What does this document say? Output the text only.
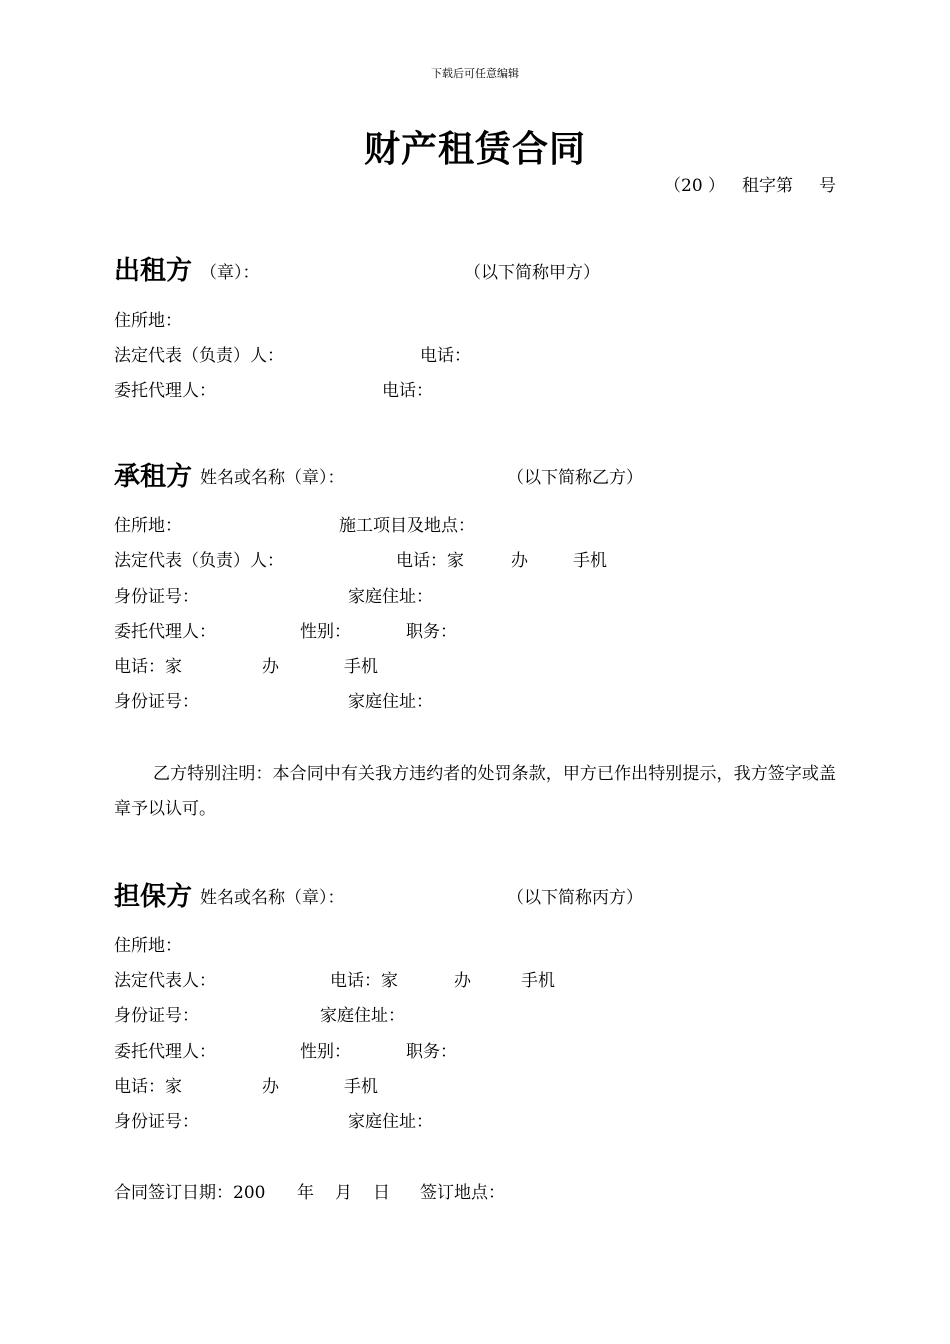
下载后可任意编辑
财产租赁合同
（20 ） 租字第 号
出租方 （章）：	（以下简称甲方）
住所地：
法定代表（负责）人：	电话：
委托代理人：	电话：
承租方 姓名或名称（章）：	（以下简称乙方）
住所地：	施工项目及地点：
法定代表（负责）人：	电话：家	办	手机
身份证号：	家庭住址：
委托代理人：	性别：	职务：
电话：家	办	手机
身份证号：	家庭住址：
乙方特别注明：本合同中有关我方违约者的处罚条款，甲方已作出特别提示，我方签字或盖章予以认可。
担保方 姓名或名称（章）：	（以下简称丙方）
住所地：
法定代表人：	电话：家	办	手机
身份证号：	家庭住址：
委托代理人：	性别：	职务：
电话：家	办	手机
身份证号：	家庭住址：
合同签订日期：200 年 月 日 签订地点：
